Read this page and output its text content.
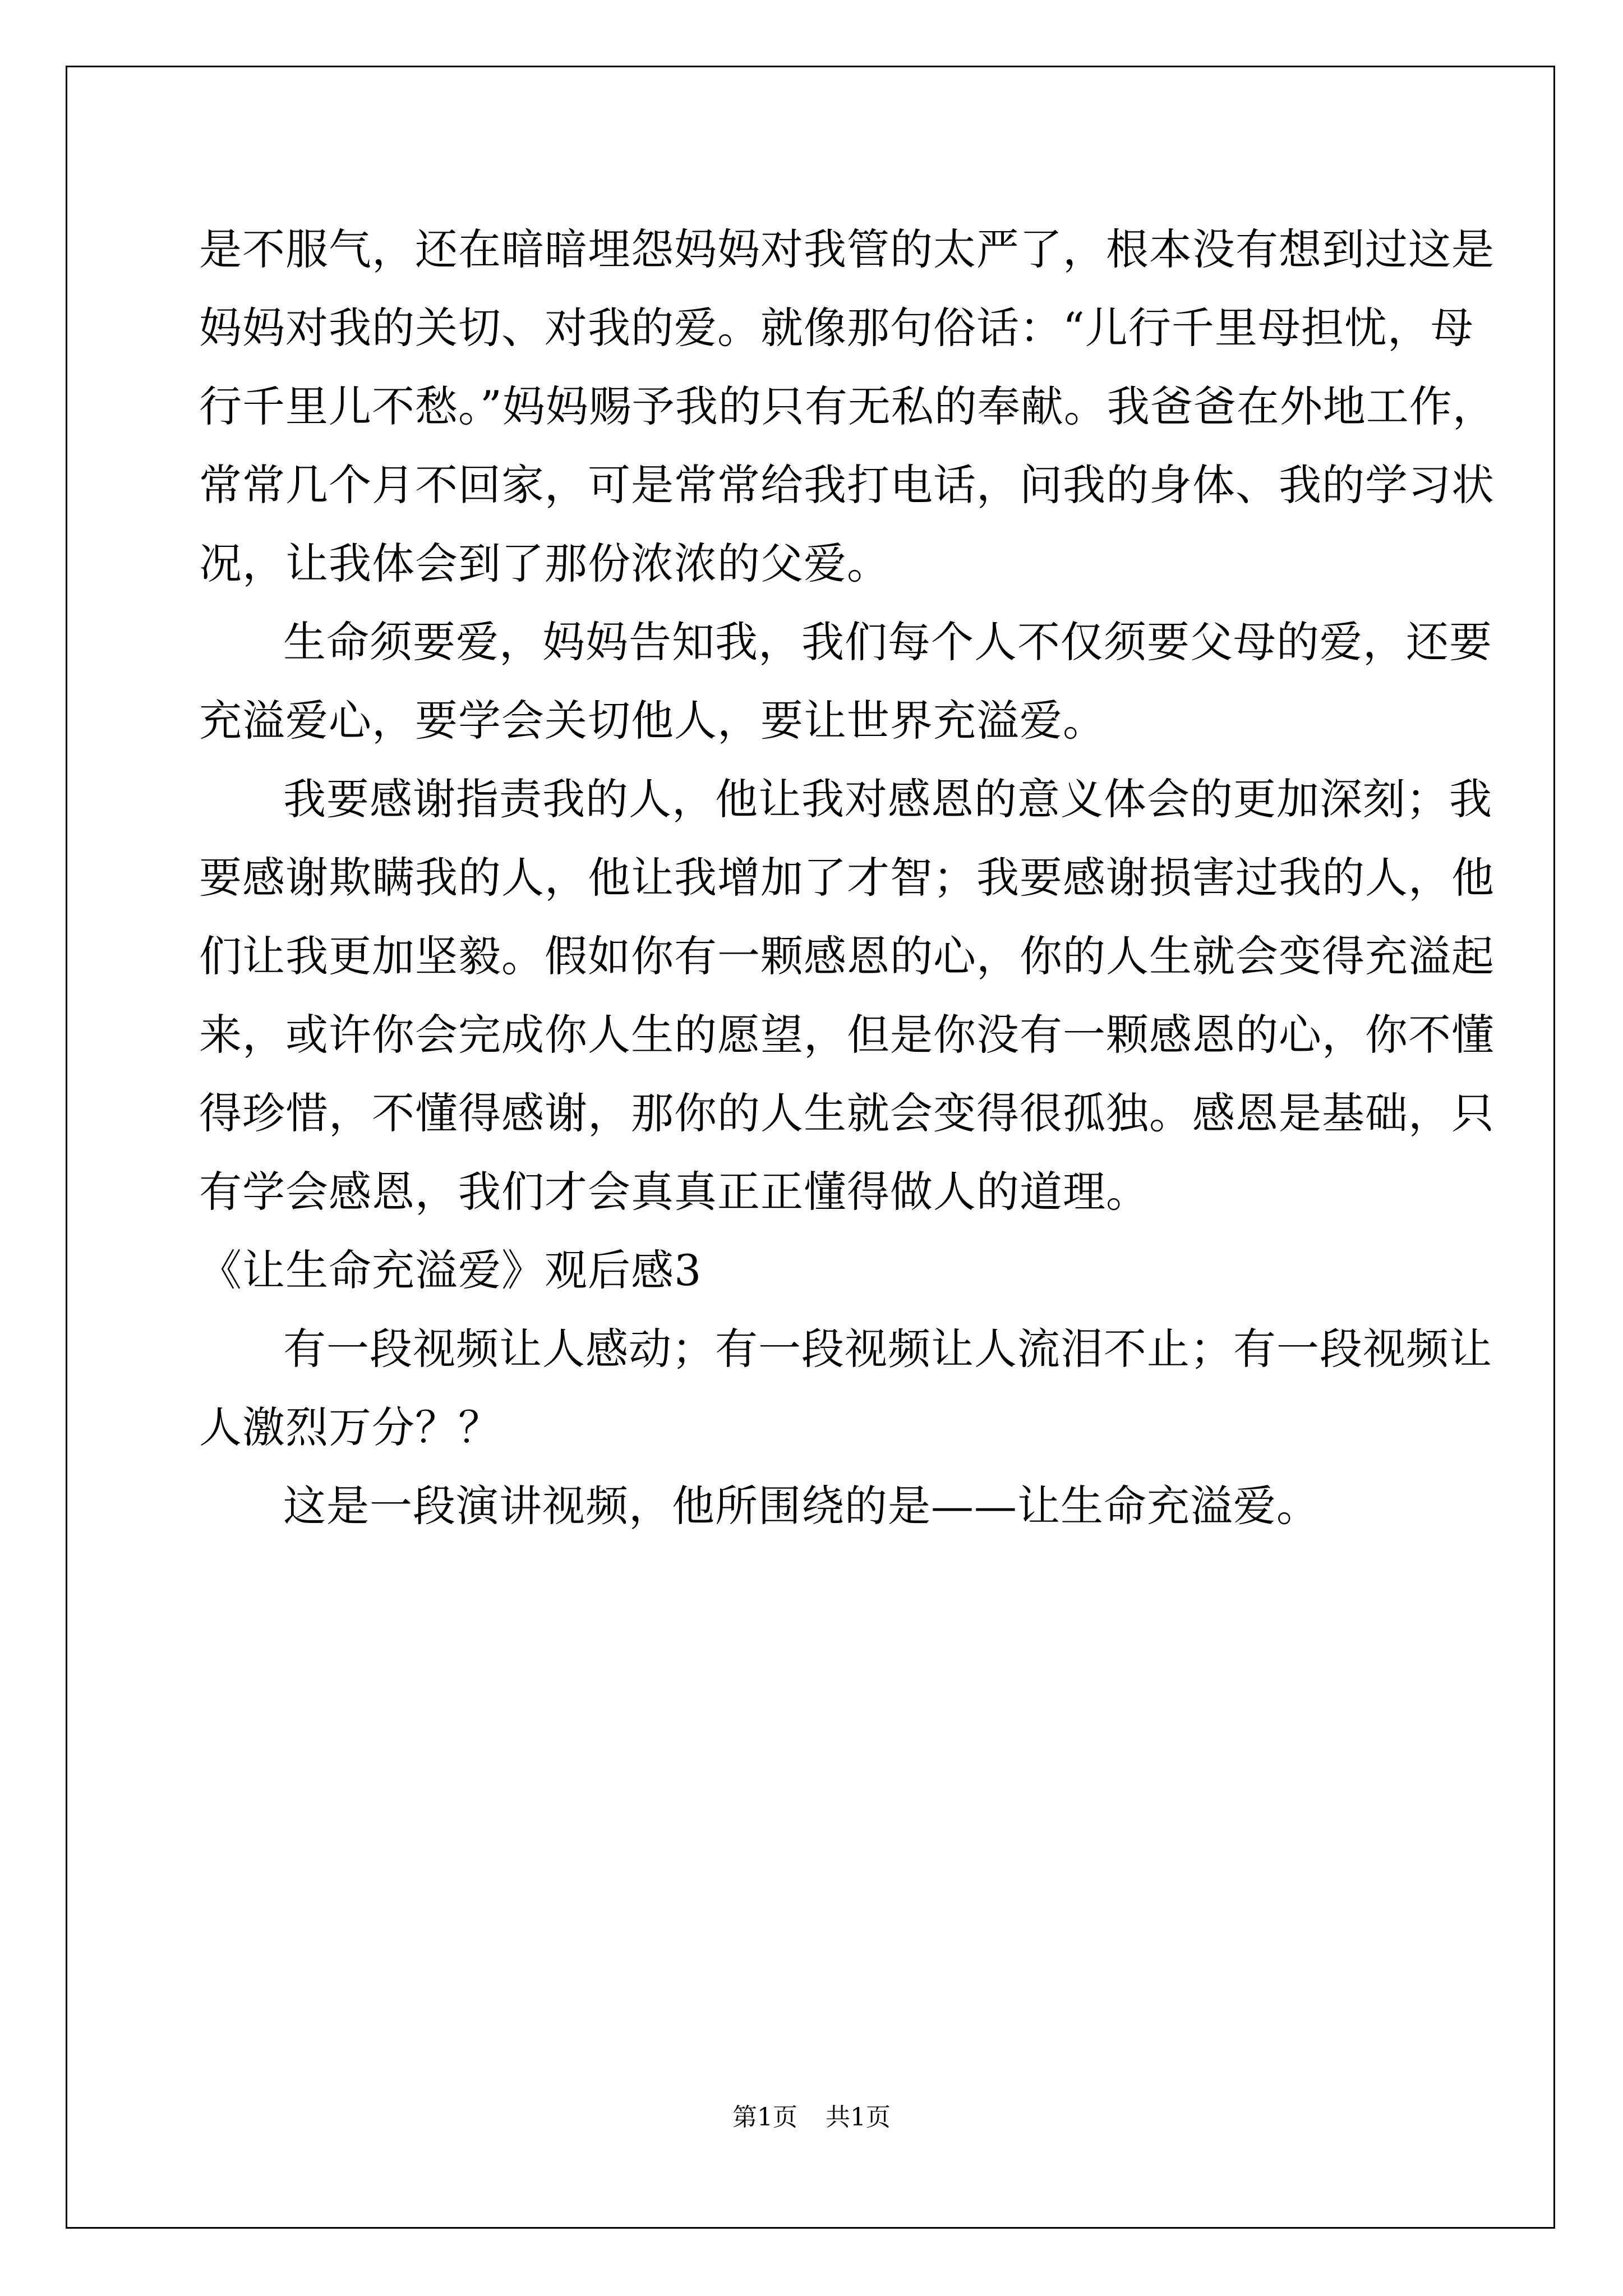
是不服气，还在暗暗埋怨妈妈对我管的太严了，根本没有想到过这是
妈妈对我的关切、对我的爱。就像那句俗话：“儿行千里母担忧，母
行千里儿不愁。”妈妈赐予我的只有无私的奉献。我爸爸在外地工作，
常常几个月不回家，可是常常给我打电话，问我的身体、我的学习状
况，让我体会到了那份浓浓的父爱。
生命须要爱，妈妈告知我，我们每个人不仅须要父母的爱，还要
充溢爱心，要学会关切他人，要让世界充溢爱。
我要感谢指责我的人，他让我对感恩的意义体会的更加深刻；我
要感谢欺瞒我的人，他让我增加了才智；我要感谢损害过我的人，他
们让我更加坚毅。假如你有一颗感恩的心，你的人生就会变得充溢起
来，或许你会完成你人生的愿望，但是你没有一颗感恩的心，你不懂
得珍惜，不懂得感谢，那你的人生就会变得很孤独。感恩是基础，只
有学会感恩，我们才会真真正正懂得做人的道理。
《让生命充溢爱》观后感3
有一段视频让人感动；有一段视频让人流泪不止；有一段视频让
人激烈万分？？
这是一段演讲视频，他所围绕的是——让生命充溢爱。
第1页 共1页
